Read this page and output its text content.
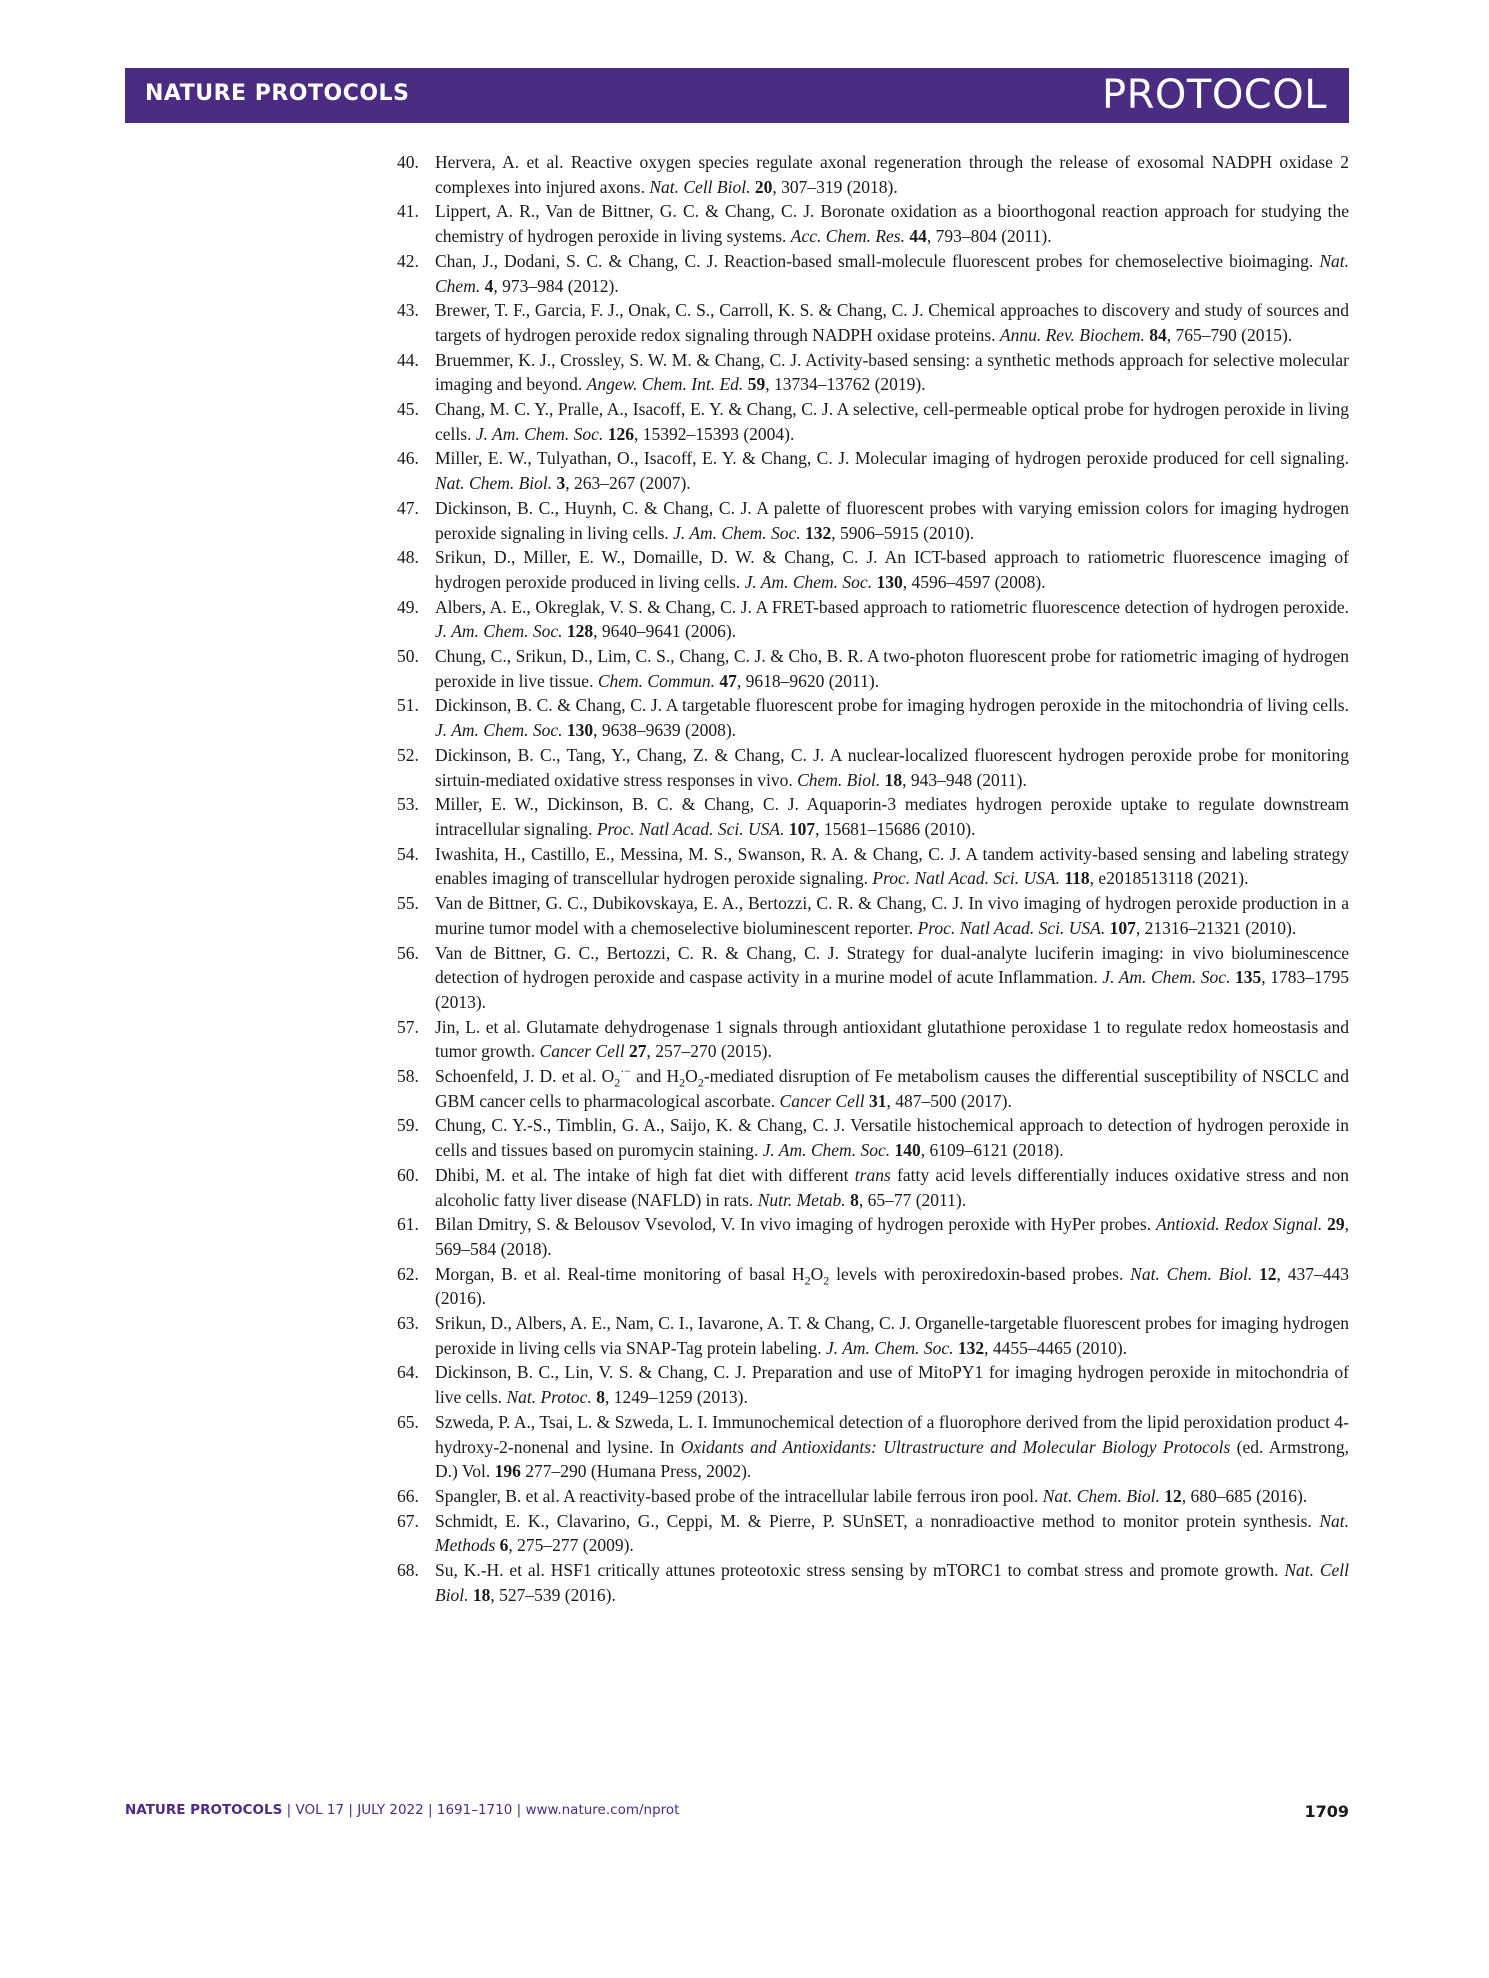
NATURE PROTOCOLS	PROTOCOL
40. Hervera, A. et al. Reactive oxygen species regulate axonal regeneration through the release of exosomal NADPH oxidase 2 complexes into injured axons. Nat. Cell Biol. 20, 307–319 (2018).
41. Lippert, A. R., Van de Bittner, G. C. & Chang, C. J. Boronate oxidation as a bioorthogonal reaction approach for studying the chemistry of hydrogen peroxide in living systems. Acc. Chem. Res. 44, 793–804 (2011).
42. Chan, J., Dodani, S. C. & Chang, C. J. Reaction-based small-molecule fluorescent probes for chemoselective bioimaging. Nat. Chem. 4, 973–984 (2012).
43. Brewer, T. F., Garcia, F. J., Onak, C. S., Carroll, K. S. & Chang, C. J. Chemical approaches to discovery and study of sources and targets of hydrogen peroxide redox signaling through NADPH oxidase proteins. Annu. Rev. Biochem. 84, 765–790 (2015).
44. Bruemmer, K. J., Crossley, S. W. M. & Chang, C. J. Activity-based sensing: a synthetic methods approach for selective molecular imaging and beyond. Angew. Chem. Int. Ed. 59, 13734–13762 (2019).
45. Chang, M. C. Y., Pralle, A., Isacoff, E. Y. & Chang, C. J. A selective, cell-permeable optical probe for hydrogen peroxide in living cells. J. Am. Chem. Soc. 126, 15392–15393 (2004).
46. Miller, E. W., Tulyathan, O., Isacoff, E. Y. & Chang, C. J. Molecular imaging of hydrogen peroxide produced for cell signaling. Nat. Chem. Biol. 3, 263–267 (2007).
47. Dickinson, B. C., Huynh, C. & Chang, C. J. A palette of fluorescent probes with varying emission colors for imaging hydrogen peroxide signaling in living cells. J. Am. Chem. Soc. 132, 5906–5915 (2010).
48. Srikun, D., Miller, E. W., Domaille, D. W. & Chang, C. J. An ICT-based approach to ratiometric fluorescence imaging of hydrogen peroxide produced in living cells. J. Am. Chem. Soc. 130, 4596–4597 (2008).
49. Albers, A. E., Okreglak, V. S. & Chang, C. J. A FRET-based approach to ratiometric fluorescence detection of hydrogen peroxide. J. Am. Chem. Soc. 128, 9640–9641 (2006).
50. Chung, C., Srikun, D., Lim, C. S., Chang, C. J. & Cho, B. R. A two-photon fluorescent probe for ratiometric imaging of hydrogen peroxide in live tissue. Chem. Commun. 47, 9618–9620 (2011).
51. Dickinson, B. C. & Chang, C. J. A targetable fluorescent probe for imaging hydrogen peroxide in the mitochondria of living cells. J. Am. Chem. Soc. 130, 9638–9639 (2008).
52. Dickinson, B. C., Tang, Y., Chang, Z. & Chang, C. J. A nuclear-localized fluorescent hydrogen peroxide probe for monitoring sirtuin-mediated oxidative stress responses in vivo. Chem. Biol. 18, 943–948 (2011).
53. Miller, E. W., Dickinson, B. C. & Chang, C. J. Aquaporin-3 mediates hydrogen peroxide uptake to regulate downstream intracellular signaling. Proc. Natl Acad. Sci. USA. 107, 15681–15686 (2010).
54. Iwashita, H., Castillo, E., Messina, M. S., Swanson, R. A. & Chang, C. J. A tandem activity-based sensing and labeling strategy enables imaging of transcellular hydrogen peroxide signaling. Proc. Natl Acad. Sci. USA. 118, e2018513118 (2021).
55. Van de Bittner, G. C., Dubikovskaya, E. A., Bertozzi, C. R. & Chang, C. J. In vivo imaging of hydrogen peroxide production in a murine tumor model with a chemoselective bioluminescent reporter. Proc. Natl Acad. Sci. USA. 107, 21316–21321 (2010).
56. Van de Bittner, G. C., Bertozzi, C. R. & Chang, C. J. Strategy for dual-analyte luciferin imaging: in vivo bioluminescence detection of hydrogen peroxide and caspase activity in a murine model of acute Inflammation. J. Am. Chem. Soc. 135, 1783–1795 (2013).
57. Jin, L. et al. Glutamate dehydrogenase 1 signals through antioxidant glutathione peroxidase 1 to regulate redox homeostasis and tumor growth. Cancer Cell 27, 257–270 (2015).
58. Schoenfeld, J. D. et al. $O_2^{\cdot-}$ and $H_2O_2$-mediated disruption of Fe metabolism causes the differential susceptibility of NSCLC and GBM cancer cells to pharmacological ascorbate. Cancer Cell 31, 487–500 (2017).
59. Chung, C. Y.-S., Timblin, G. A., Saijo, K. & Chang, C. J. Versatile histochemical approach to detection of hydrogen peroxide in cells and tissues based on puromycin staining. J. Am. Chem. Soc. 140, 6109–6121 (2018).
60. Dhibi, M. et al. The intake of high fat diet with different trans fatty acid levels differentially induces oxidative stress and non alcoholic fatty liver disease (NAFLD) in rats. Nutr. Metab. 8, 65–77 (2011).
61. Bilan Dmitry, S. & Belousov Vsevolod, V. In vivo imaging of hydrogen peroxide with HyPer probes. Antioxid. Redox Signal. 29, 569–584 (2018).
62. Morgan, B. et al. Real-time monitoring of basal $H_2O_2$ levels with peroxiredoxin-based probes. Nat. Chem. Biol. 12, 437–443 (2016).
63. Srikun, D., Albers, A. E., Nam, C. I., Iavarone, A. T. & Chang, C. J. Organelle-targetable fluorescent probes for imaging hydrogen peroxide in living cells via SNAP-Tag protein labeling. J. Am. Chem. Soc. 132, 4455–4465 (2010).
64. Dickinson, B. C., Lin, V. S. & Chang, C. J. Preparation and use of MitoPY1 for imaging hydrogen peroxide in mitochondria of live cells. Nat. Protoc. 8, 1249–1259 (2013).
65. Szweda, P. A., Tsai, L. & Szweda, L. I. Immunochemical detection of a fluorophore derived from the lipid peroxidation product 4-hydroxy-2-nonenal and lysine. In Oxidants and Antioxidants: Ultrastructure and Molecular Biology Protocols (ed. Armstrong, D.) Vol. 196 277–290 (Humana Press, 2002).
66. Spangler, B. et al. A reactivity-based probe of the intracellular labile ferrous iron pool. Nat. Chem. Biol. 12, 680–685 (2016).
67. Schmidt, E. K., Clavarino, G., Ceppi, M. & Pierre, P. SUnSET, a nonradioactive method to monitor protein synthesis. Nat. Methods 6, 275–277 (2009).
68. Su, K.-H. et al. HSF1 critically attunes proteotoxic stress sensing by mTORC1 to combat stress and promote growth. Nat. Cell Biol. 18, 527–539 (2016).
NATURE PROTOCOLS | VOL 17 | JULY 2022 | 1691–1710 | www.nature.com/nprot	1709
